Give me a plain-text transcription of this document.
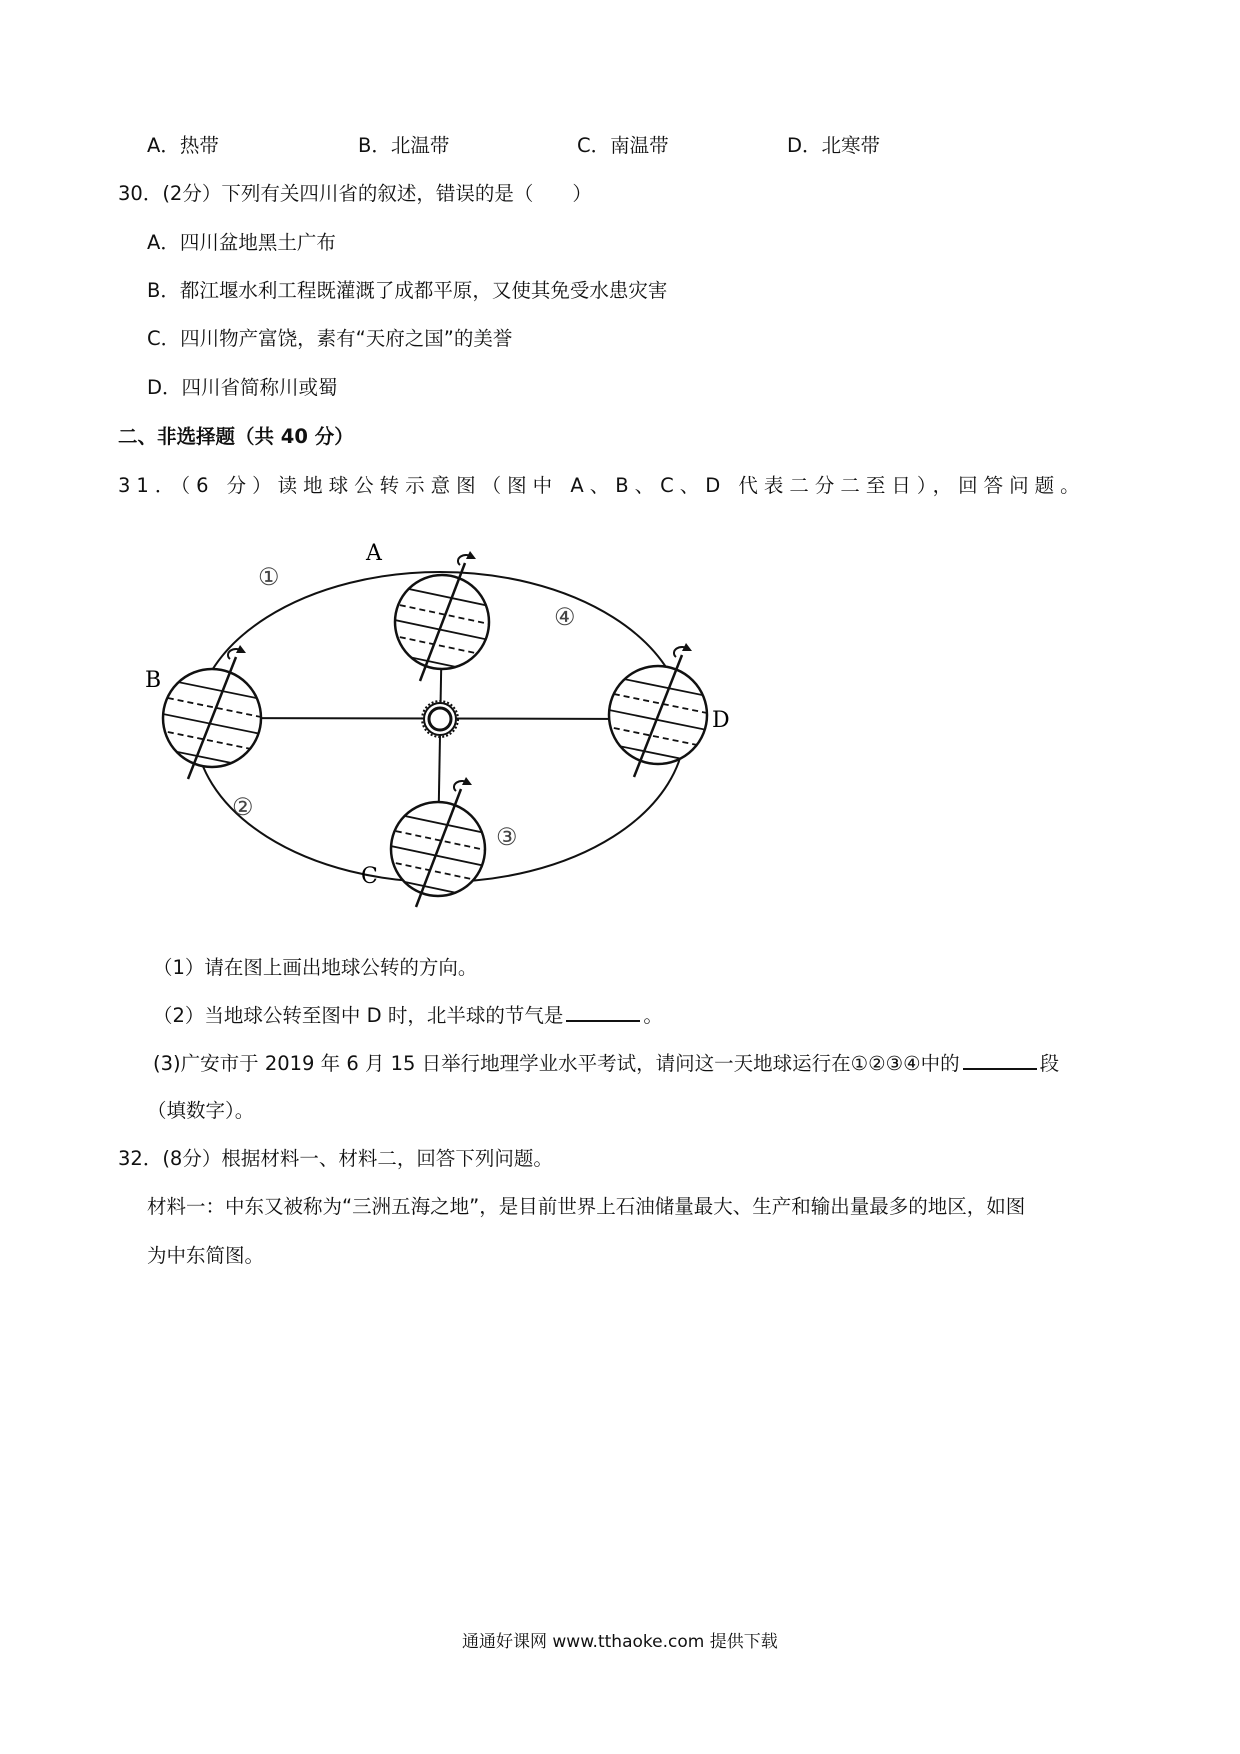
A．热带	B．北温带	C．南温带	D．北寒带
30．(2分）下列有关四川省的叙述，错误的是（　　）
A．四川盆地黑土广布
B．都江堰水利工程既灌溉了成都平原，又使其免受水患灾害
C．四川物产富饶，素有“天府之国”的美誉
D．四川省简称川或蜀
二、非选择题（共 40 分）
31．（6 分）读地球公转示意图（图中 A、B、C、D 代表二分二至日），回答问题。
A
B
C
D
①
②
③
④
（1）请在图上画出地球公转的方向。
（2）当地球公转至图中 D 时，北半球的节气是	。
(3)广安市于 2019 年 6 月 15 日举行地理学业水平考试，请问这一天地球运行在①②③④中的	段
（填数字）。
32．(8分）根据材料一、材料二，回答下列问题。
材料一：中东又被称为“三洲五海之地”，是目前世界上石油储量最大、生产和输出量最多的地区，如图
为中东简图。
通通好课网 www.tthaoke.com 提供下载
